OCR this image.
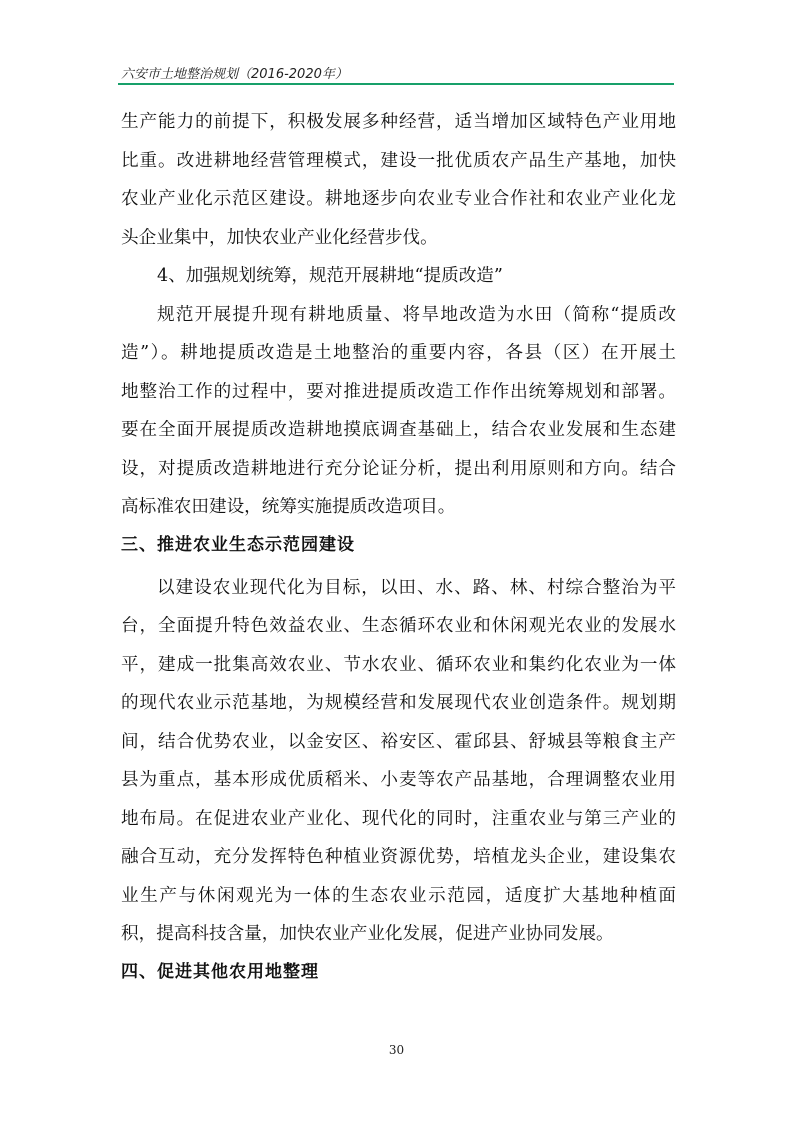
六安市土地整治规划（2016-2020年）
生产能力的前提下，积极发展多种经营，适当增加区域特色产业用地
比重。改进耕地经营管理模式，建设一批优质农产品生产基地，加快
农业产业化示范区建设。耕地逐步向农业专业合作社和农业产业化龙
头企业集中，加快农业产业化经营步伐。
4、加强规划统筹，规范开展耕地“提质改造”
规范开展提升现有耕地质量、将旱地改造为水田（简称“提质改
造”）。耕地提质改造是土地整治的重要内容，各县（区）在开展土
地整治工作的过程中，要对推进提质改造工作作出统筹规划和部署。
要在全面开展提质改造耕地摸底调查基础上，结合农业发展和生态建
设，对提质改造耕地进行充分论证分析，提出利用原则和方向。结合
高标准农田建设，统筹实施提质改造项目。
三、推进农业生态示范园建设
以建设农业现代化为目标，以田、水、路、林、村综合整治为平
台，全面提升特色效益农业、生态循环农业和休闲观光农业的发展水
平，建成一批集高效农业、节水农业、循环农业和集约化农业为一体
的现代农业示范基地，为规模经营和发展现代农业创造条件。规划期
间，结合优势农业，以金安区、裕安区、霍邱县、舒城县等粮食主产
县为重点，基本形成优质稻米、小麦等农产品基地，合理调整农业用
地布局。在促进农业产业化、现代化的同时，注重农业与第三产业的
融合互动，充分发挥特色种植业资源优势，培植龙头企业，建设集农
业生产与休闲观光为一体的生态农业示范园，适度扩大基地种植面
积，提高科技含量，加快农业产业化发展，促进产业协同发展。
四、促进其他农用地整理
30
